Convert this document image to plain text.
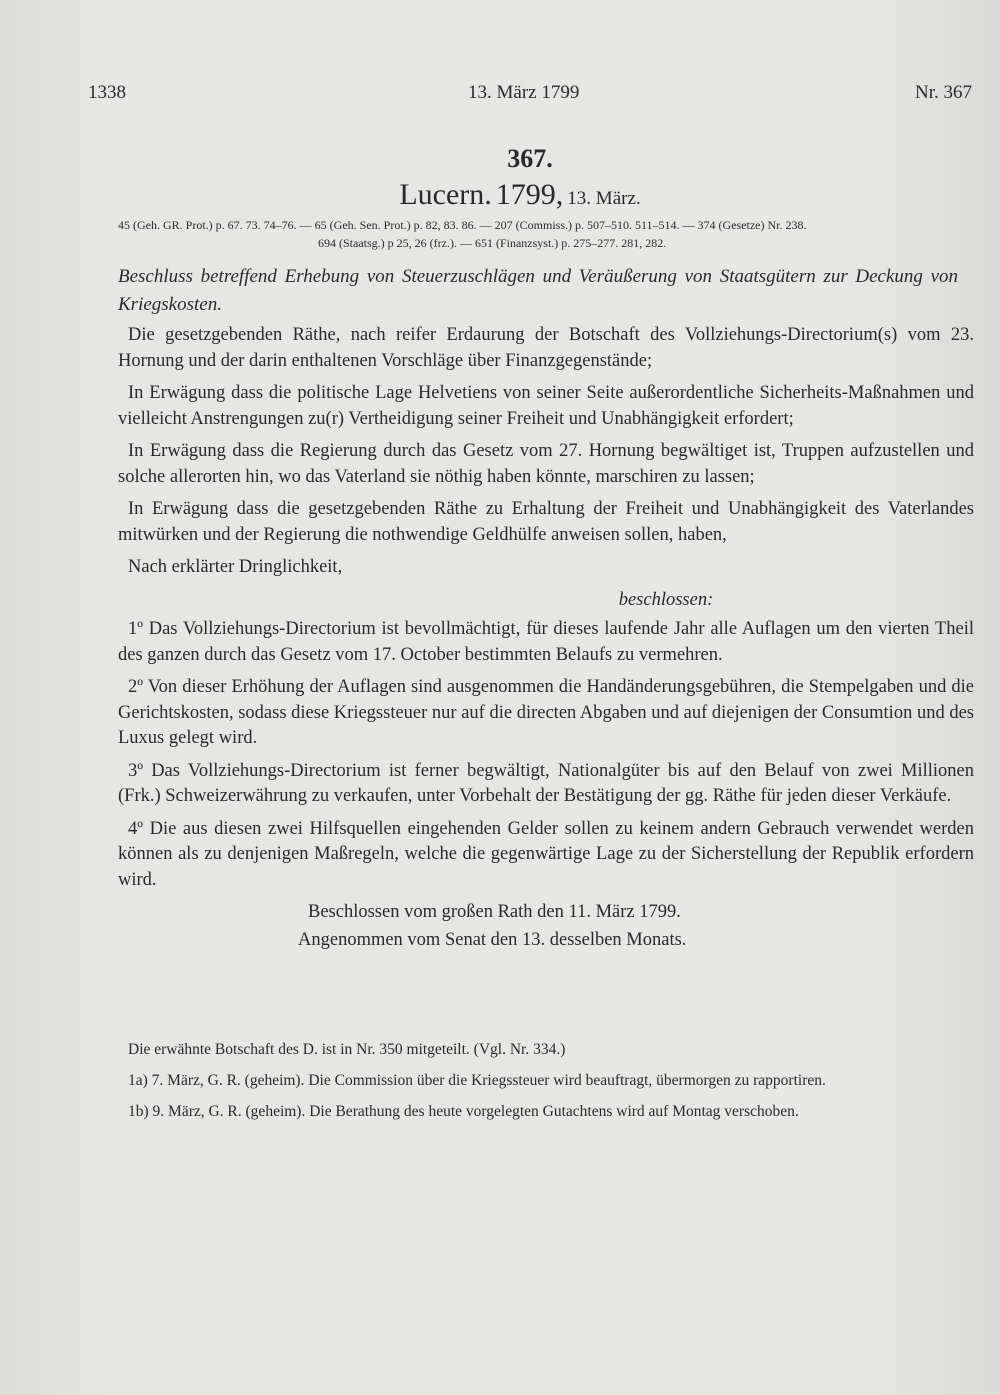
1338	13. März 1799	Nr. 367
367.
Lucern. 1799, 13. März.
45 (Geh. GR. Prot.) p. 67. 73. 74–76. — 65 (Geh. Sen. Prot.) p. 82, 83. 86. — 207 (Commiss.) p. 507–510. 511–514. — 374 (Gesetze) Nr. 238.
694 (Staatsg.) p 25, 26 (frz.). — 651 (Finanzsyst.) p. 275–277. 281, 282.
Beschluss betreffend Erhebung von Steuerzuschlägen und Veräußerung von Staatsgütern zur Deckung von Kriegskosten.

Die gesetzgebenden Räthe, nach reifer Erdaurung der Botschaft des Vollziehungs-Directorium(s) vom 23. Hornung und der darin enthaltenen Vorschläge über Finanzgegenstände;

In Erwägung dass die politische Lage Helvetiens von seiner Seite außerordentliche Sicherheits-Maßnahmen und vielleicht Anstrengungen zu(r) Vertheidigung seiner Freiheit und Unabhängigkeit erfordert;

In Erwägung dass die Regierung durch das Gesetz vom 27. Hornung begwältiget ist, Truppen aufzustellen und solche allerorten hin, wo das Vaterland sie nöthig haben könnte, marschiren zu lassen;

In Erwägung dass die gesetzgebenden Räthe zu Erhaltung der Freiheit und Unabhängigkeit des Vaterlandes mitwürken und der Regierung die nothwendige Geldhülfe anweisen sollen, haben,

Nach erklärter Dringlichkeit,

beschlossen:

1º Das Vollziehungs-Directorium ist bevollmächtigt, für dieses laufende Jahr alle Auflagen um den vierten Theil des ganzen durch das Gesetz vom 17. October bestimmten Belaufs zu vermehren.

2º Von dieser Erhöhung der Auflagen sind ausgenommen die Handänderungsgebühren, die Stempelgaben und die Gerichtskosten, sodass diese Kriegssteuer nur auf die directen Abgaben und auf diejenigen der Consumtion und des Luxus gelegt wird.

3º Das Vollziehungs-Directorium ist ferner begwältigt, Nationalgüter bis auf den Belauf von zwei Millionen (Frk.) Schweizerwährung zu verkaufen, unter Vorbehalt der Bestätigung der gg. Räthe für jeden dieser Verkäufe.

4º Die aus diesen zwei Hilfsquellen eingehenden Gelder sollen zu keinem andern Gebrauch verwendet werden können als zu denjenigen Maßregeln, welche die gegenwärtige Lage zu der Sicherstellung der Republik erfordern wird.

Beschlossen vom großen Rath den 11. März 1799.

Angenommen vom Senat den 13. desselben Monats.

Die erwähnte Botschaft des D. ist in Nr. 350 mitgeteilt. (Vgl. Nr. 334.)

1a) 7. März, G. R. (geheim). Die Commission über die Kriegssteuer wird beauftragt, übermorgen zu rapportiren.

1b) 9. März, G. R. (geheim). Die Berathung des heute vorgelegten Gutachtens wird auf Montag verschoben.
